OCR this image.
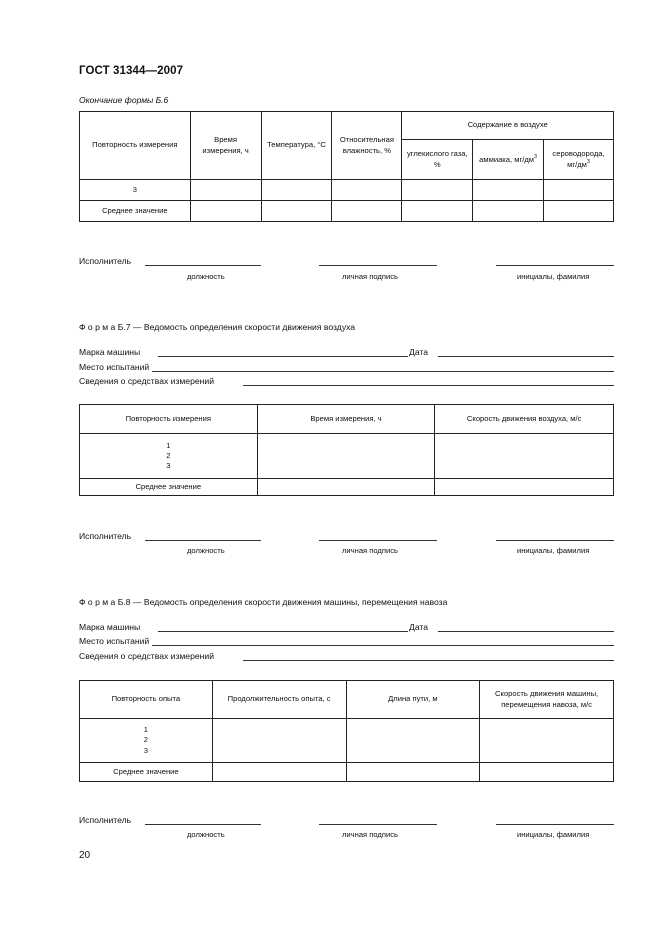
ГОСТ 31344—2007
Окончание формы Б.6
Повторность измерения	Время измерения, ч	Температура, °С	Относительная влажность, %	Содержание в воздухе		
				углекислого газа, %	аммиака, $мг/дм^3$	сероводорода, $мг/дм^3$
3						
Среднее значение						
Исполнитель
должность	личная подпись	инициалы, фамилия
Ф о р м а Б.7 — Ведомость определения скорости движения воздуха
Марка машины	Дата
Место испытаний
Сведения о средствах измерений
Повторность измерения	Время измерения, ч	Скорость движения воздуха, м/с

1
2
3		

Среднее значение		
Исполнитель
должность	личная подпись	инициалы, фамилия
Ф о р м а Б.8 — Ведомость определения скорости движения машины, перемещения навоза
Марка машины	Дата
Место испытаний
Сведения о средствах измерений
Повторность опыта	Продолжительность опыта, с	Длина пути, м	Скорость движения машины, перемещения навоза, м/с

1
2
3			

Среднее значение			
Исполнитель
должность	личная подпись	инициалы, фамилия
20
